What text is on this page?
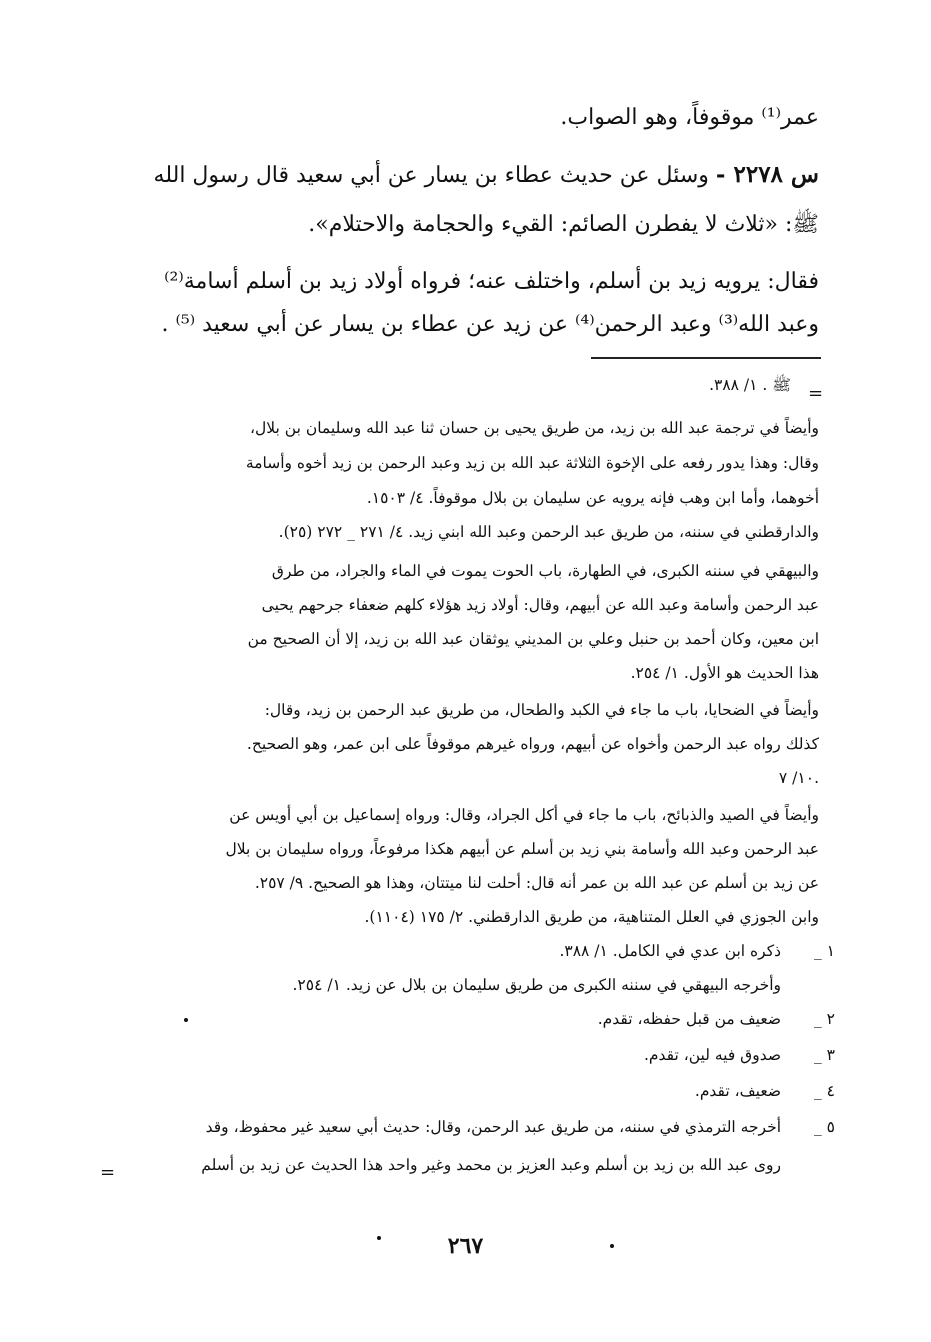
عمر⁽¹⁾ موقوفاً، وهو الصواب.
س ٢٢٧٨ - وسئل عن حديث عطاء بن يسار عن أبي سعيد قال رسول الله
ﷺ: «ثلاث لا يفطرن الصائم: القيء والحجامة والاحتلام».
فقال: يرويه زيد بن أسلم، واختلف عنه؛ فرواه أولاد زيد بن أسلم أسامة⁽²⁾
وعبد الله⁽³⁾ وعبد الرحمن⁽⁴⁾ عن زيد عن عطاء بن يسار عن أبي سعيد ⁽⁵⁾ .
=
ﷺ . ١/ ٣٨٨.
وأيضاً في ترجمة عبد الله بن زيد، من طريق يحيى بن حسان ثنا عبد الله وسليمان بن بلال،
وقال: وهذا يدور رفعه على الإخوة الثلاثة عبد الله بن زيد وعبد الرحمن بن زيد أخوه وأسامة
أخوهما، وأما ابن وهب فإنه يرويه عن سليمان بن بلال موقوفاً. ٤/ ١٥٠٣.
والدارقطني في سننه، من طريق عبد الرحمن وعبد الله ابني زيد. ٤/ ٢٧١ _ ٢٧٢ (٢٥).
والبيهقي في سننه الكبرى، في الطهارة، باب الحوت يموت في الماء والجراد، من طرق
عبد الرحمن وأسامة وعبد الله عن أبيهم، وقال: أولاد زيد هؤلاء كلهم ضعفاء جرحهم يحيى
ابن معين، وكان أحمد بن حنبل وعلي بن المديني يوثقان عبد الله بن زيد، إلا أن الصحيح من
هذا الحديث هو الأول. ١/ ٢٥٤.
وأيضاً في الضحايا، باب ما جاء في الكبد والطحال، من طريق عبد الرحمن بن زيد، وقال:
كذلك رواه عبد الرحمن وأخواه عن أبيهم، ورواه غيرهم موقوفاً على ابن عمر، وهو الصحيح.
١٠/ ٧.
وأيضاً في الصيد والذبائح، باب ما جاء في أكل الجراد، وقال: ورواه إسماعيل بن أبي أويس عن
عبد الرحمن وعبد الله وأسامة بني زيد بن أسلم عن أبيهم هكذا مرفوعاً، ورواه سليمان بن بلال
عن زيد بن أسلم عن عبد الله بن عمر أنه قال: أحلت لنا ميتتان، وهذا هو الصحيح. ٩/ ٢٥٧.
وابن الجوزي في العلل المتناهية، من طريق الدارقطني. ٢/ ١٧٥ (١١٠٤).
١ _
ذكره ابن عدي في الكامل. ١/ ٣٨٨.
وأخرجه البيهقي في سننه الكبرى من طريق سليمان بن بلال عن زيد. ١/ ٢٥٤.
٢ _
ضعيف من قبل حفظه، تقدم.
٣ _
صدوق فيه لين، تقدم.
٤ _
ضعيف، تقدم.
٥ _
أخرجه الترمذي في سننه، من طريق عبد الرحمن، وقال: حديث أبي سعيد غير محفوظ، وقد
روى عبد الله بن زيد بن أسلم وعبد العزيز بن محمد وغير واحد هذا الحديث عن زيد بن أسلم
=
٢٦٧
